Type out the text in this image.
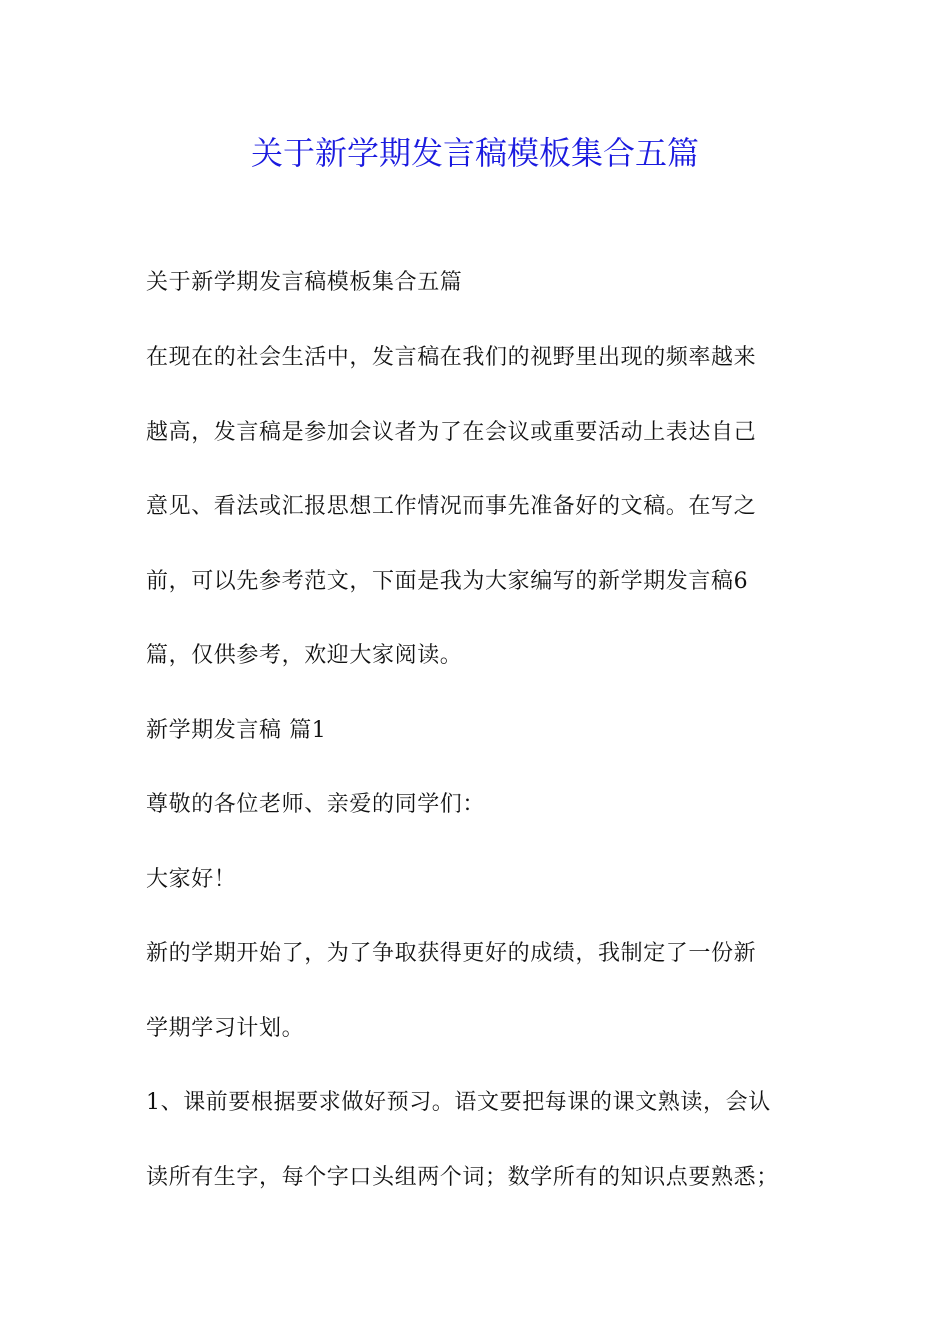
关于新学期发言稿模板集合五篇
关于新学期发言稿模板集合五篇
在现在的社会生活中，发言稿在我们的视野里出现的频率越来
越高，发言稿是参加会议者为了在会议或重要活动上表达自己
意见、看法或汇报思想工作情况而事先准备好的文稿。在写之
前，可以先参考范文，下面是我为大家编写的新学期发言稿6
篇，仅供参考，欢迎大家阅读。
新学期发言稿 篇1
尊敬的各位老师、亲爱的同学们：
大家好！
新的学期开始了，为了争取获得更好的成绩，我制定了一份新
学期学习计划。
1、课前要根据要求做好预习。语文要把每课的课文熟读，会认
读所有生字，每个字口头组两个词；数学所有的知识点要熟悉；
